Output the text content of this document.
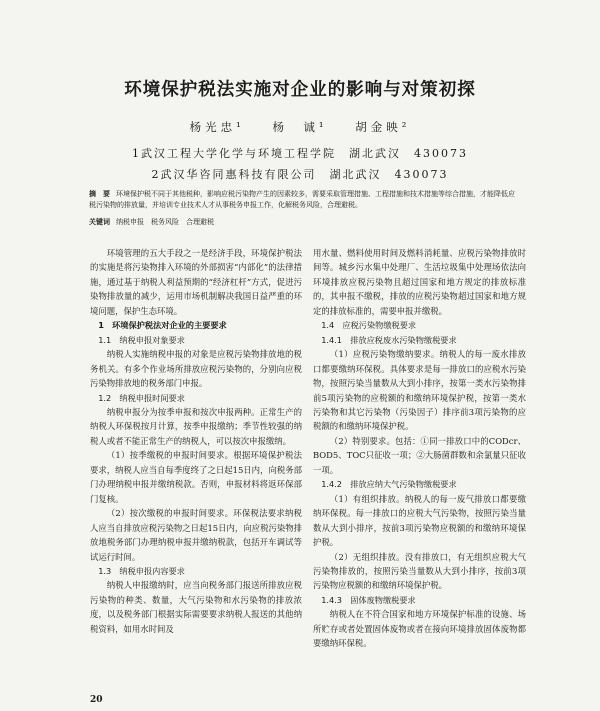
环境保护税法实施对企业的影响与对策初探
杨光忠¹ 杨　诚¹ 胡金映²
1武汉工程大学化学与环境工程学院　湖北武汉　430073
2武汉华咨同惠科技有限公司　湖北武汉　430073
摘　要 环境保护税不同于其他税种，影响应税污染物产生的因素较多，需要采取管理措施、工程措施和技术措施等综合措施，才能降低应税污染物的排放量，并培训专业技术人才从事税务申报工作，化解税务风险，合理避税。
关键词 纳税申报　税务风险　合理避税

环境管理的五大手段之一是经济手段，环境保护税法的实施是将污染物排入环境的外部损害“内部化”的法律措施，通过基于纳税人利益预期的“经济杠杆”方式，促进污染物排放量的减少，运用市场机制解决我国日益严重的环境问题，保护生态环境。

1　环境保护税法对企业的主要要求

1.1　纳税申报对象要求

纳税人实施纳税申报的对象是应税污染物排放地的税务机关。有多个作业场所排放应税污染物的，分别向应税污染物排放地的税务部门申报。

1.2　纳税申报时间要求

纳税申报分为按季申报和按次申报两种。正常生产的纳税人环保税按月计算，按季申报缴纳；季节性较强的纳税人或者不能正常生产的纳税人，可以按次申报缴纳。

（1）按季缴税的申报时间要求。根据环境保护税法要求，纳税人应当自每季度终了之日起15日内，向税务部门办理纳税申报并缴纳税款。否则，申报材料将返环保部门复核。

（2）按次缴税的申报时间要求。环保税法要求纳税人应当自排放应税污染物之日起15日内，向应税污染物排放地税务部门办理纳税申报并缴纳税款，包括开车调试等试运行时间。

1.3　纳税申报内容要求

纳税人申报缴纳时，应当向税务部门报送所排放应税污染物的种类、数量，大气污染物和水污染物的排放浓度，以及税务部门根据实际需要要求纳税人报送的其他纳税资料，如用水时间及

用水量、燃料使用时间及燃料消耗量、应税污染物排放时间等。城乡污水集中处理厂、生活垃圾集中处理场依法向环境排放应税污染物且超过国家和地方规定的排放标准的，其申报不缴税，排放的应税污染物超过国家和地方规定的排放标准的，需要申报并缴税。

1.4　应税污染物缴税要求

1.4.1　排放应税废水污染物缴税要求

（1）应税污染物缴纳要求。纳税人的每一废水排放口都要缴纳环保税。具体要求是每一排放口的应税水污染物，按照污染当量数从大到小排序，按第一类水污染物排前5项污染物的应税额的和缴纳环境保护税，按第一类水污染物和其它污染物（污染因子）排序前3项污染物的应税额的和缴纳环境保护税。

（2）特别要求。包括：①同一排放口中的CODcr、BOD5、TOC只征收一项；②大肠菌群数和余氯量只征收一项。

1.4.2　排放应纳大气污染物缴税要求

（1）有组织排放。纳税人的每一废气排放口都要缴纳环保税。每一排放口的应税大气污染物，按照污染当量数从大到小排序，按前3项污染物应税额的和缴纳环境保护税。

（2）无组织排放。没有排放口，有无组织应税大气污染物排放的，按照污染当量数从大到小排序，按前3项污染物应税额的和缴纳环境保护税。

1.4.3　固体废物缴税要求

纳税人在不符合国家和地方环境保护标准的设施、场所贮存或者处置固体废物或者在接向环境排放固体废物都要缴纳环保税。

20
